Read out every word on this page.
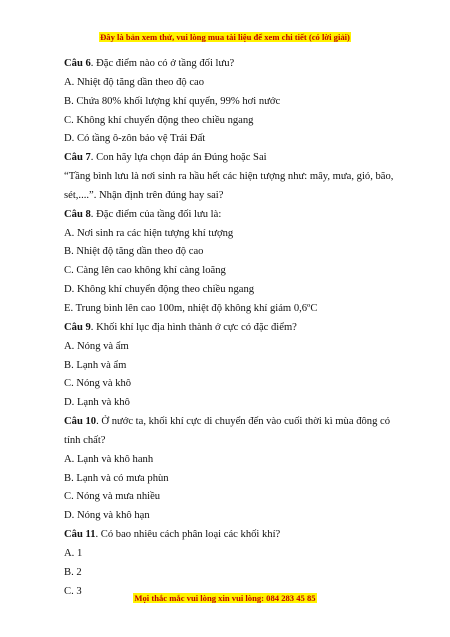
Đây là bản xem thử, vui lòng mua tài liệu để xem chi tiết (có lời giải)

Câu 6. Đặc điểm nào có ở tầng đối lưu?

A. Nhiệt độ tăng dần theo độ cao

B. Chứa 80% khối lượng khí quyển, 99% hơi nước

C. Không khí chuyển động theo chiều ngang

D. Có tầng ô-zôn bảo vệ Trái Đất

Câu 7. Con hãy lựa chọn đáp án Đúng hoặc Sai

“Tầng bình lưu là nơi sinh ra hầu hết các hiện tượng như: mây, mưa, gió, bão,

sét,....”. Nhận định trên đúng hay sai?

Câu 8. Đặc điểm của tầng đối lưu là:

A. Nơi sinh ra các hiện tượng khí tượng

B. Nhiệt độ tăng dần theo độ cao

C. Càng lên cao không khí càng loãng

D. Không khí chuyển động theo chiều ngang

E. Trung bình lên cao 100m, nhiệt độ không khí giảm 0,6ºC

Câu 9. Khối khí lục địa hình thành ở cực có đặc điểm?

A. Nóng và ẩm

B. Lạnh và ẩm

C. Nóng và khô

D. Lạnh và khô

Câu 10. Ở nước ta, khối khí cực di chuyển đến vào cuối thời kì mùa đông có

tính chất?

A. Lạnh và khô hanh

B. Lạnh và có mưa phùn

C. Nóng và mưa nhiều

D. Nóng và khô hạn

Câu 11. Có bao nhiêu cách phân loại các khối khí?

A. 1

B. 2

C. 3

Mọi thắc mắc vui lòng xin vui lòng: 084 283 45 85
